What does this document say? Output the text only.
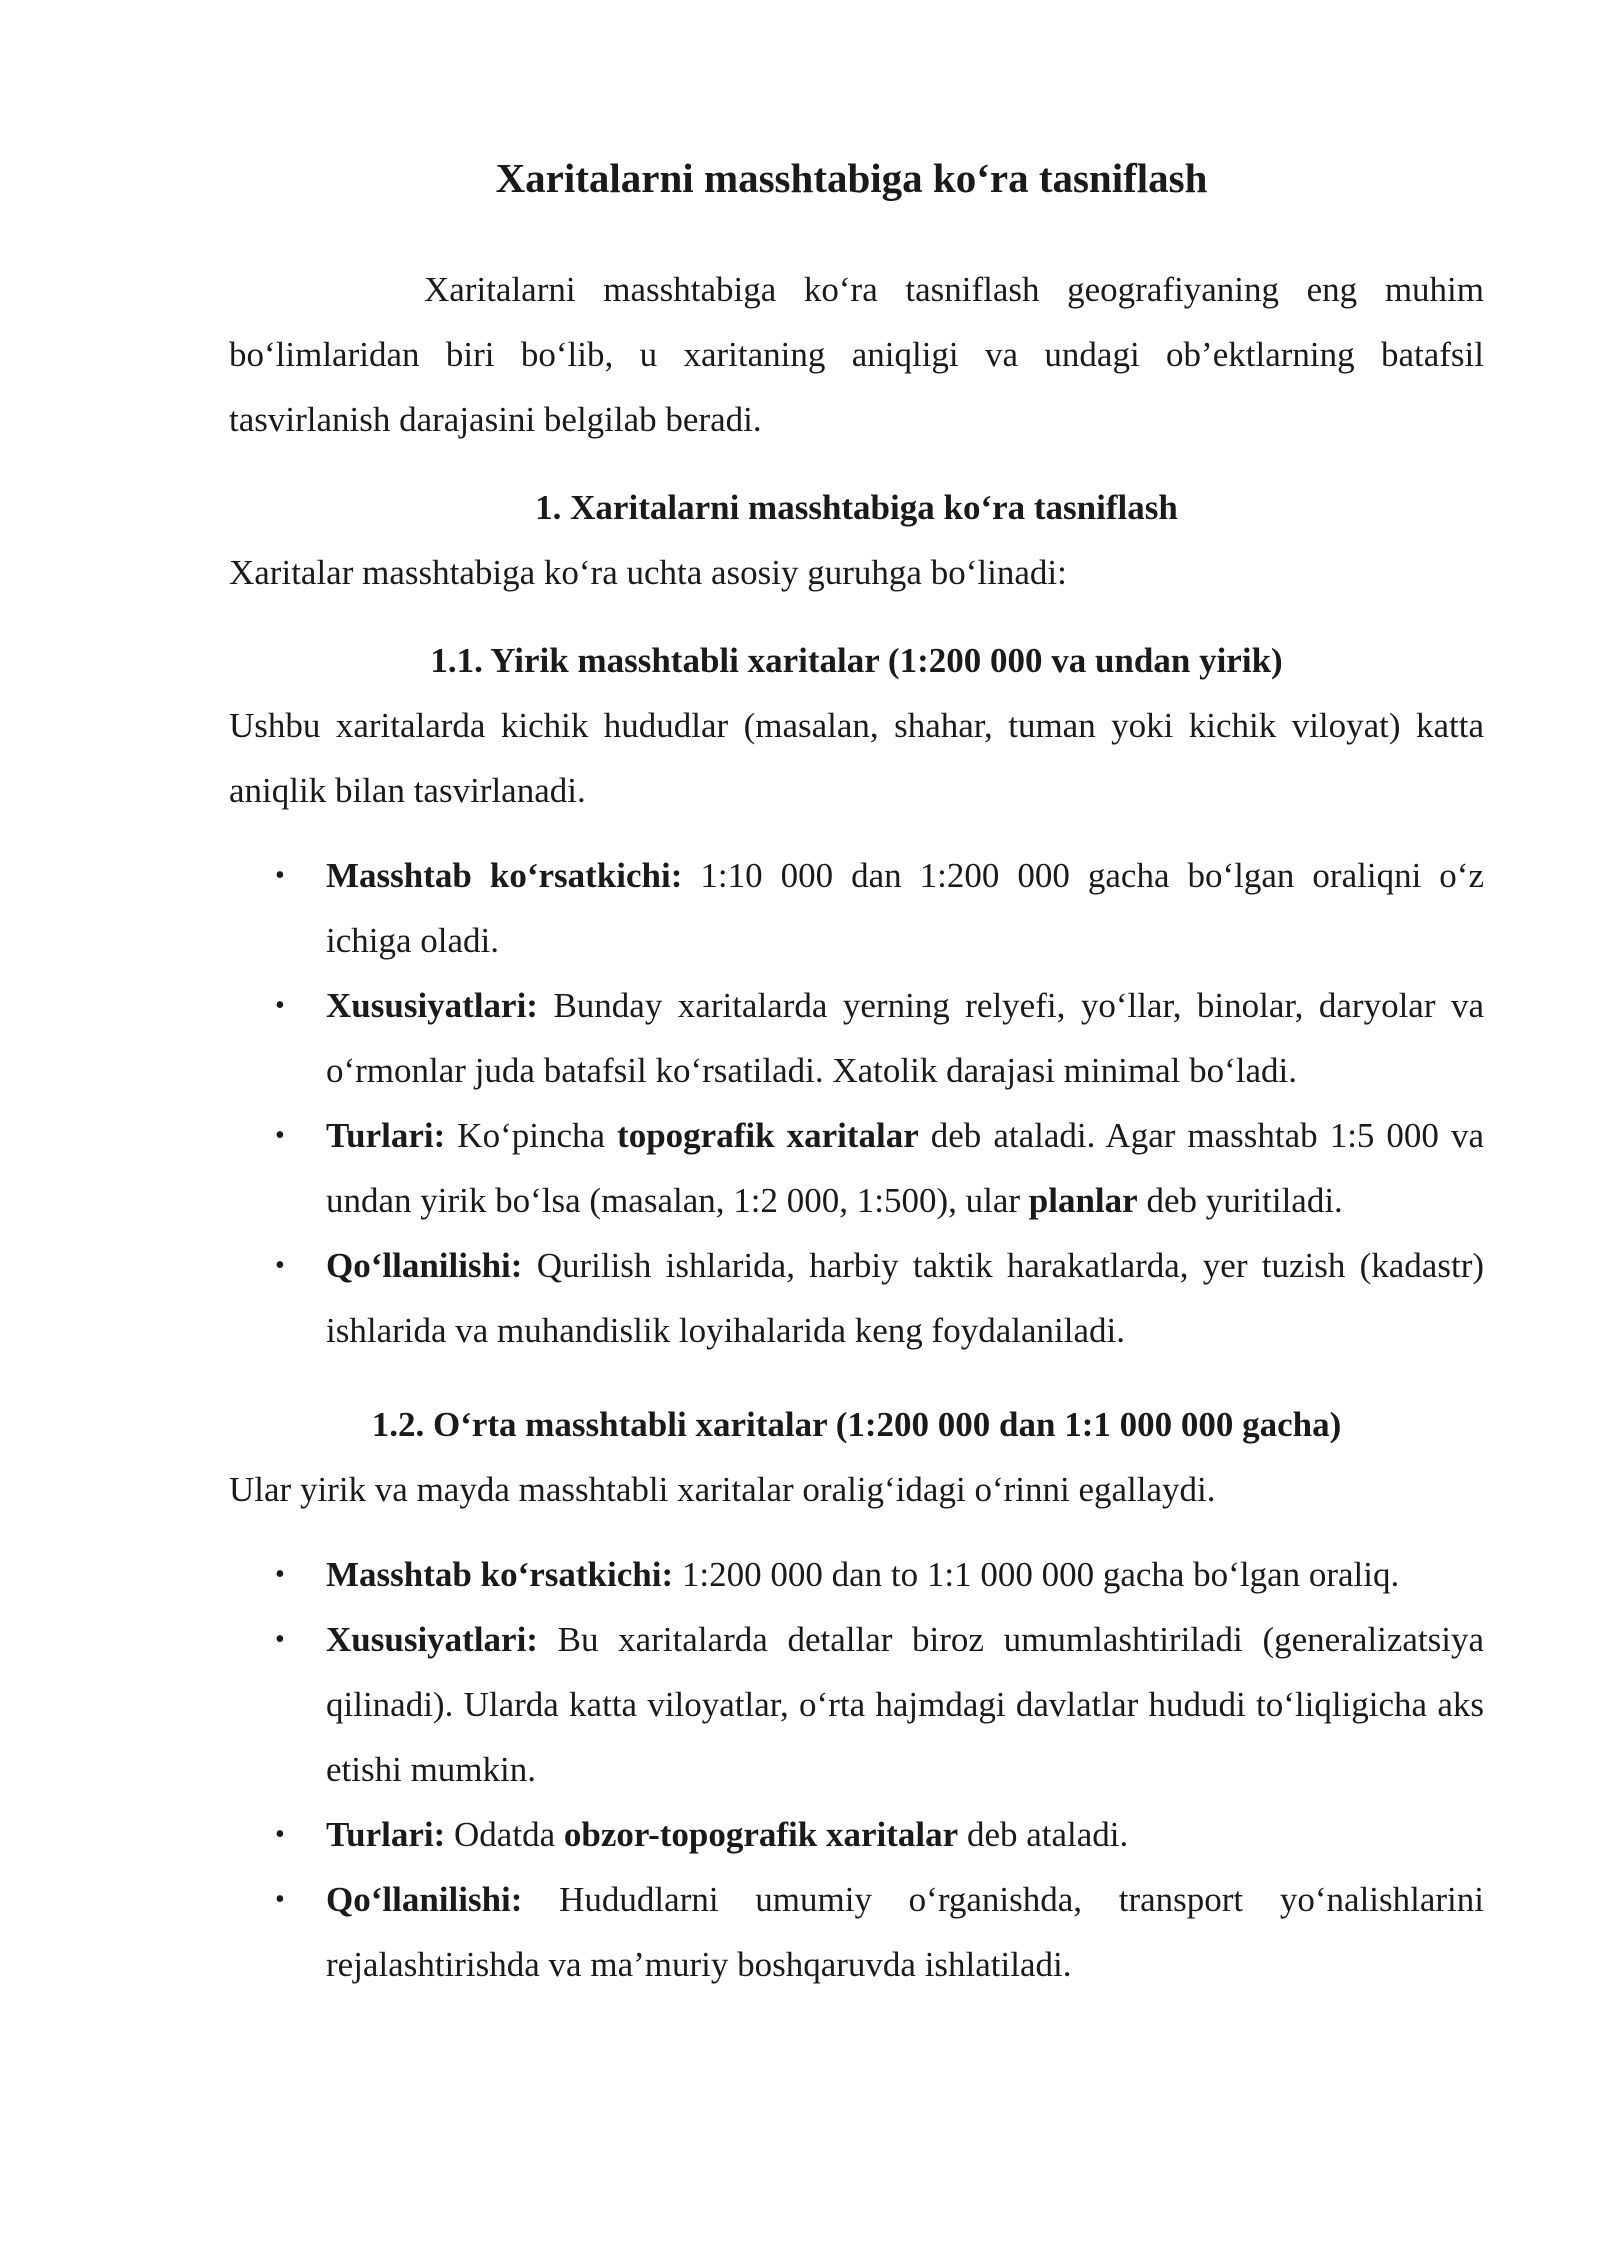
Xaritalarni masshtabiga ko‘ra tasniflash

Xaritalarni masshtabiga ko‘ra tasniflash geografiyaning eng muhim bo‘limlaridan biri bo‘lib, u xaritaning aniqligi va undagi ob’ektlarning batafsil tasvirlanish darajasini belgilab beradi.

1. Xaritalarni masshtabiga ko‘ra tasniflash

Xaritalar masshtabiga ko‘ra uchta asosiy guruhga bo‘linadi:

1.1. Yirik masshtabli xaritalar (1:200 000 va undan yirik)

Ushbu xaritalarda kichik hududlar (masalan, shahar, tuman yoki kichik viloyat) katta aniqlik bilan tasvirlanadi.

• Masshtab ko‘rsatkichi: 1:10 000 dan 1:200 000 gacha bo‘lgan oraliqni o‘z ichiga oladi.
• Xususiyatlari: Bunday xaritalarda yerning relyefi, yo‘llar, binolar, daryolar va o‘rmonlar juda batafsil ko‘rsatiladi. Xatolik darajasi minimal bo‘ladi.
• Turlari: Ko‘pincha topografik xaritalar deb ataladi. Agar masshtab 1:5 000 va undan yirik bo‘lsa (masalan, 1:2 000, 1:500), ular planlar deb yuritiladi.
• Qo‘llanilishi: Qurilish ishlarida, harbiy taktik harakatlarda, yer tuzish (kadastr) ishlarida va muhandislik loyihalarida keng foydalaniladi.
1.2. O‘rta masshtabli xaritalar (1:200 000 dan 1:1 000 000 gacha)

Ular yirik va mayda masshtabli xaritalar oralig‘idagi o‘rinni egallaydi.

• Masshtab ko‘rsatkichi: 1:200 000 dan to 1:1 000 000 gacha bo‘lgan oraliq.
• Xususiyatlari: Bu xaritalarda detallar biroz umumlashtiriladi (generalizatsiya qilinadi). Ularda katta viloyatlar, o‘rta hajmdagi davlatlar hududi to‘liqligicha aks etishi mumkin.
• Turlari: Odatda obzor-topografik xaritalar deb ataladi.
• Qo‘llanilishi: Hududlarni umumiy o‘rganishda, transport yo‘nalishlarini rejalashtirishda va ma’muriy boshqaruvda ishlatiladi.
